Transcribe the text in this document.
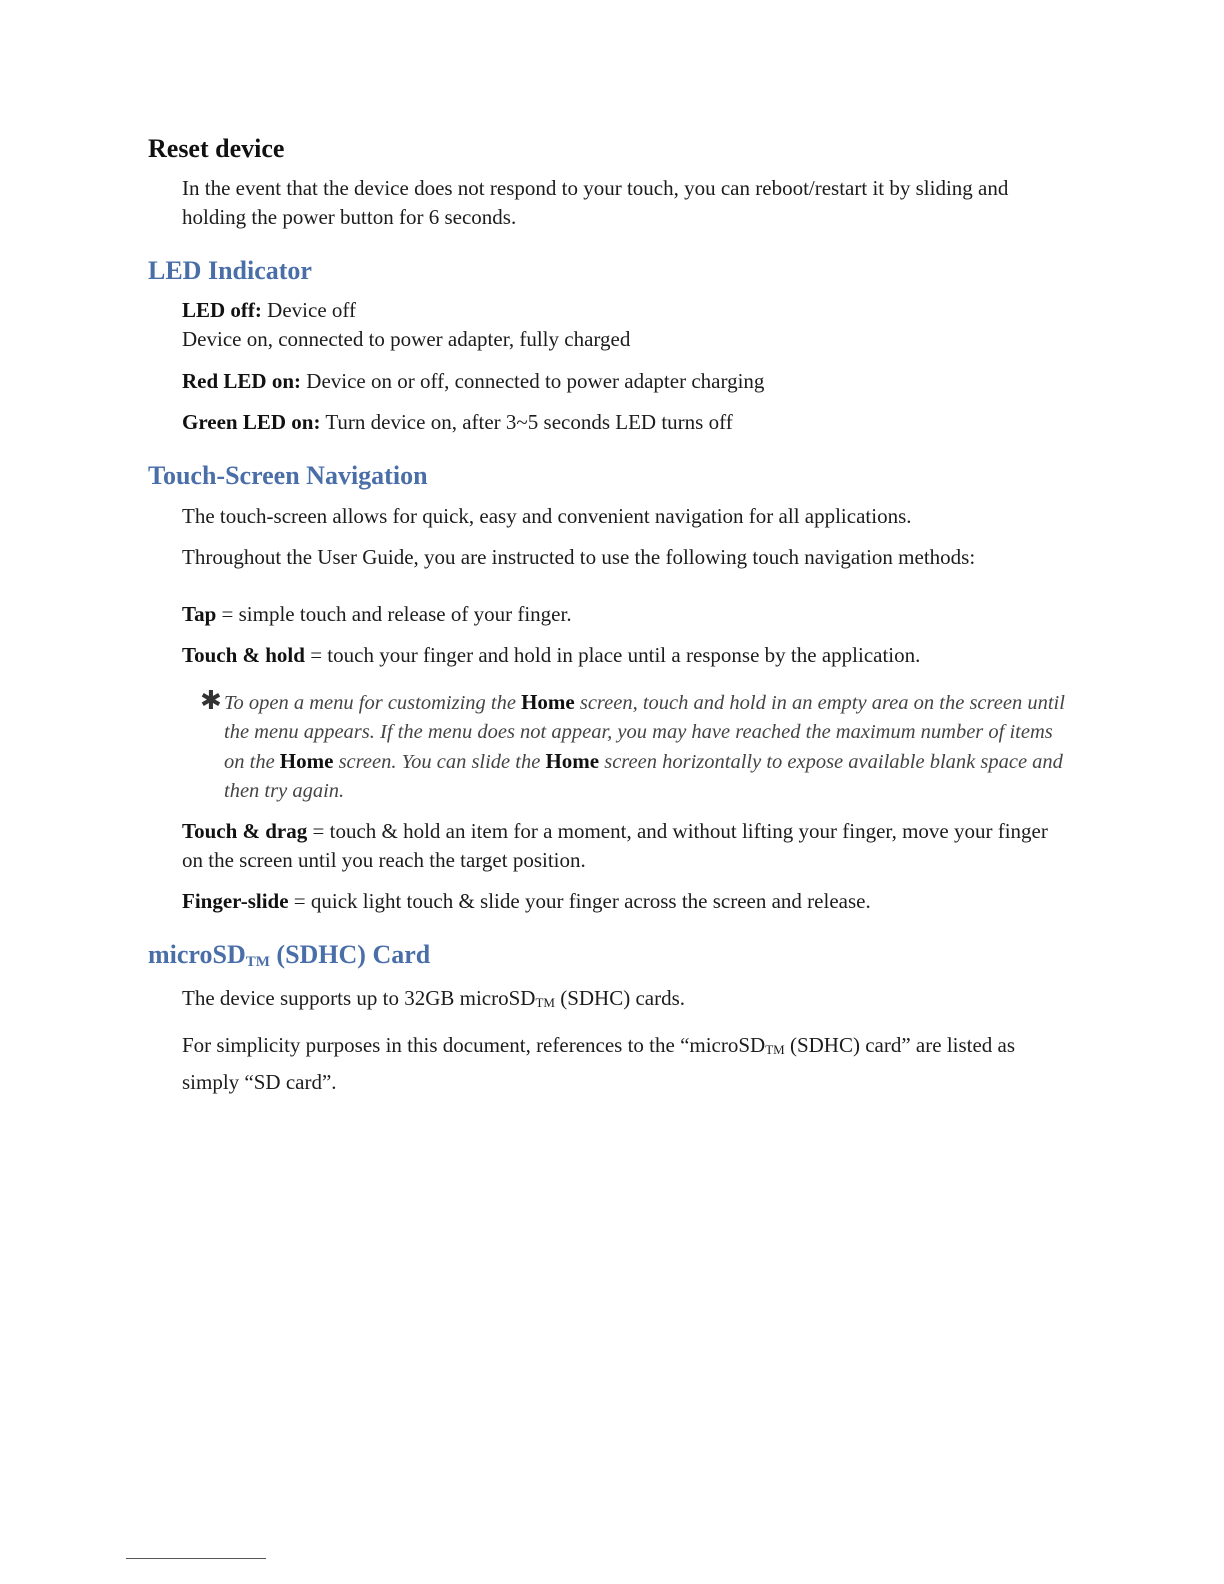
Reset device

In the event that the device does not respond to your touch, you can reboot/restart it by sliding and holding the power button for 6 seconds.

LED Indicator

LED off: Device off

Device on, connected to power adapter, fully charged

Red LED on: Device on or off, connected to power adapter charging

Green LED on: Turn device on, after 3~5 seconds LED turns off

Touch-Screen Navigation

The touch-screen allows for quick, easy and convenient navigation for all applications.

Throughout the User Guide, you are instructed to use the following touch navigation methods:

Tap = simple touch and release of your finger.

Touch & hold = touch your finger and hold in place until a response by the application.

✱ To open a menu for customizing the Home screen, touch and hold in an empty area on the screen until the menu appears. If the menu does not appear, you may have reached the maximum number of items on the Home screen. You can slide the Home screen horizontally to expose available blank space and then try again.

Touch & drag = touch & hold an item for a moment, and without lifting your finger, move your finger on the screen until you reach the target position.

Finger-slide = quick light touch & slide your finger across the screen and release.

microSD$_{TM}$ (SDHC) Card

The device supports up to 32GB microSDTM (SDHC) cards.

For simplicity purposes in this document, references to the “microSDTM (SDHC) card” are listed as simply “SD card”.
